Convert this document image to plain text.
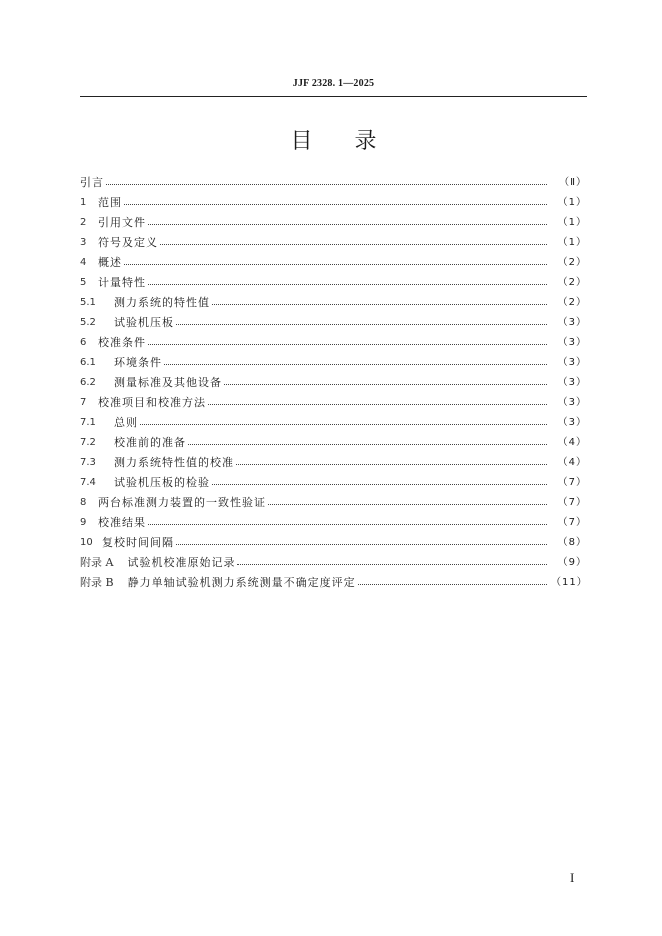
JJF 2328. 1—2025
目录
引言	（Ⅱ）
1	范围	（1）
2	引用文件	（1）
3	符号及定义	（1）
4	概述	（2）
5	计量特性	（2）
5.1	测力系统的特性值	（2）
5.2	试验机压板	（3）
6	校准条件	（3）
6.1	环境条件	（3）
6.2	测量标准及其他设备	（3）
7	校准项目和校准方法	（3）
7.1	总则	（3）
7.2	校准前的准备	（4）
7.3	测力系统特性值的校准	（4）
7.4	试验机压板的检验	（7）
8	两台标准测力装置的一致性验证	（7）
9	校准结果	（7）
10 复校时间间隔	（8）
附录 A 试验机校准原始记录	（9）
附录 B 静力单轴试验机测力系统测量不确定度评定	（11）
I
